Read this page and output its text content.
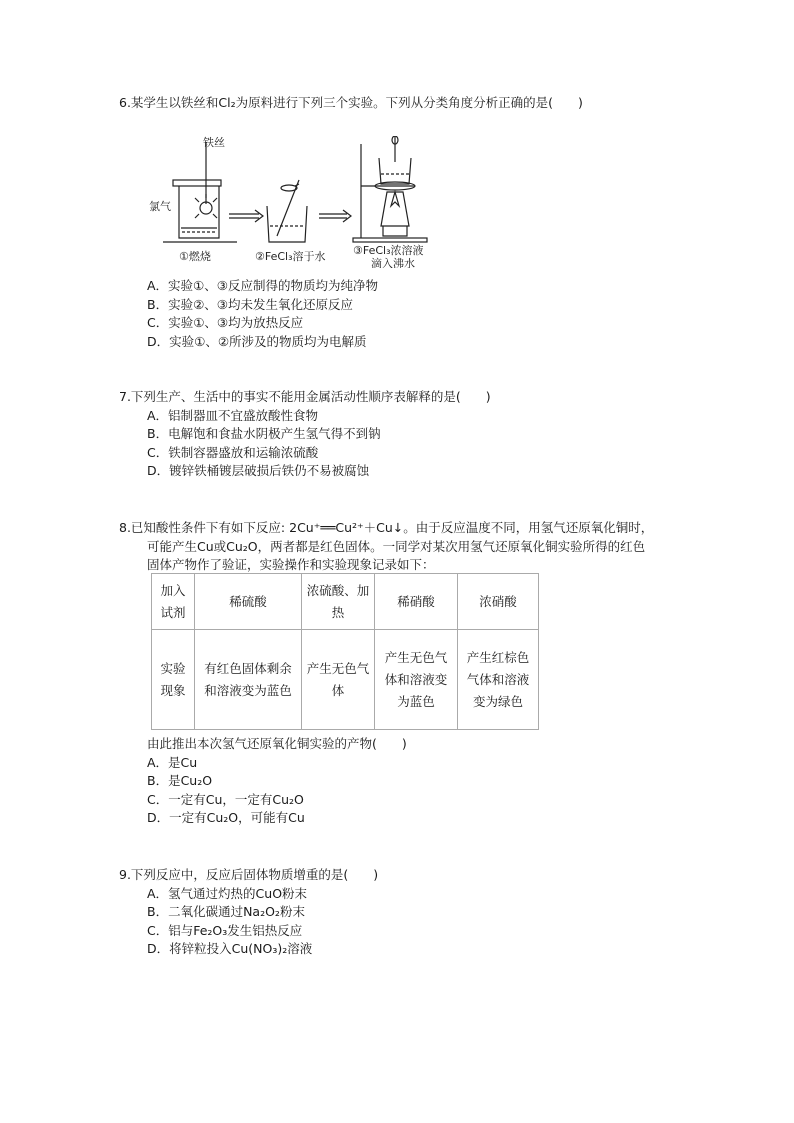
6.某学生以铁丝和Cl₂为原料进行下列三个实验。下列从分类角度分析正确的是(　　)
铁丝
氯气
①燃烧	②FeCl₃溶于水 ③FeCl₃浓溶液
滴入沸水
A．实验①、③反应制得的物质均为纯净物
B．实验②、③均未发生氧化还原反应
C．实验①、③均为放热反应
D．实验①、②所涉及的物质均为电解质
7.下列生产、生活中的事实不能用金属活动性顺序表解释的是(　　)
A．铝制器皿不宜盛放酸性食物
B．电解饱和食盐水阴极产生氢气得不到钠
C．铁制容器盛放和运输浓硫酸
D．镀锌铁桶镀层破损后铁仍不易被腐蚀
8.已知酸性条件下有如下反应: 2Cu⁺══Cu²⁺＋Cu↓。由于反应温度不同，用氢气还原氧化铜时，
可能产生Cu或Cu₂O，两者都是红色固体。一同学对某次用氢气还原氧化铜实验所得的红色
固体产物作了验证，实验操作和实验现象记录如下：
加入试剂	稀硫酸	浓硫酸、加热	稀硝酸	浓硝酸
实验现象	有红色固体剩余和溶液变为蓝色	产生无色气体	产生无色气体和溶液变为蓝色	产生红棕色气体和溶液变为绿色
由此推出本次氢气还原氧化铜实验的产物(　　)
A．是Cu
B．是Cu₂O
C．一定有Cu，一定有Cu₂O
D．一定有Cu₂O，可能有Cu
9.下列反应中，反应后固体物质增重的是(　　)
A．氢气通过灼热的CuO粉末
B．二氧化碳通过Na₂O₂粉末
C．铝与Fe₂O₃发生铝热反应
D．将锌粒投入Cu(NO₃)₂溶液
